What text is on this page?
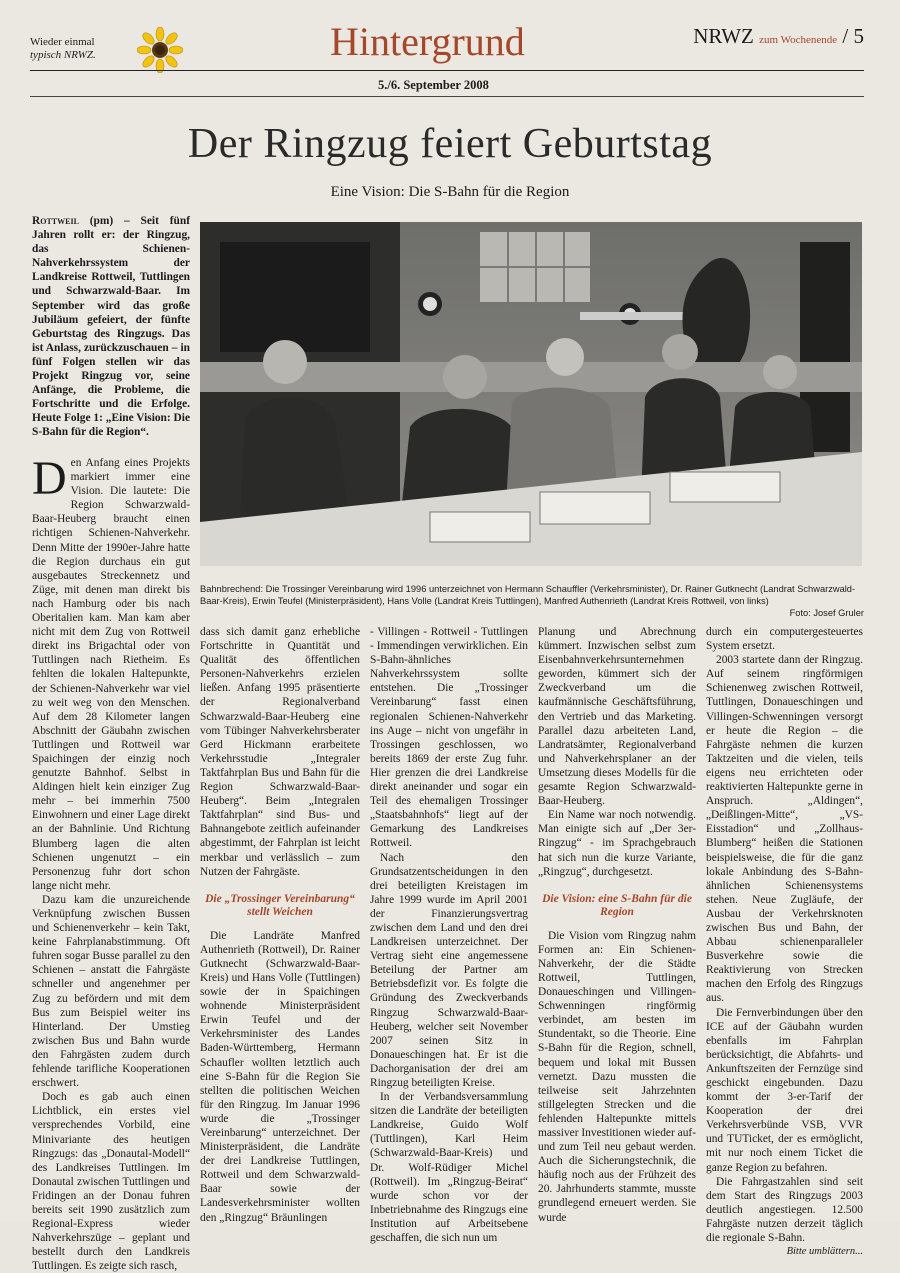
Wieder einmal
typisch NRWZ.	Hintergrund	NRWZ zum Wochenende / 5
5./6. September 2008
Der Ringzug feiert Geburtstag
Eine Vision: Die S-Bahn für die Region
Rottweil (pm) – Seit fünf Jahren rollt er: der Ringzug, das Schienen-Nahverkehrssystem der Landkreise Rottweil, Tuttlingen und Schwarzwald-Baar. Im September wird das große Jubiläum gefeiert, der fünfte Geburtstag des Ringzugs. Das ist Anlass, zurückzuschauen – in fünf Folgen stellen wir das Projekt Ringzug vor, seine Anfänge, die Probleme, die Fortschritte und die Erfolge. Heute Folge 1: „Eine Vision: Die S-Bahn für die Region“.
Bahnbrechend: Die Trossinger Vereinbarung wird 1996 unterzeichnet von Hermann Schauffler (Verkehrsminister), Dr. Rainer Gutknecht (Landrat Schwarzwald-Baar-Kreis), Erwin Teufel (Ministerpräsident), Hans Volle (Landrat Kreis Tuttlingen), Manfred Authenrieth (Landrat Kreis Rottweil, von links)
Foto: Josef Gruler

Den Anfang eines Projekts markiert immer eine Vision. Die lautete: Die Region Schwarzwald-Baar-Heuberg braucht einen richtigen Schienen-Nahverkehr. Denn Mitte der 1990er-Jahre hatte die Region durchaus ein gut ausgebautes Streckennetz und Züge, mit denen man direkt bis nach Hamburg oder bis nach Oberitalien kam. Man kam aber nicht mit dem Zug von Rottweil direkt ins Brigachtal oder von Tuttlingen nach Rietheim. Es fehlten die lokalen Haltepunkte, der Schienen-Nahverkehr war viel zu weit weg von den Menschen. Auf dem 28 Kilometer langen Abschnitt der Gäubahn zwischen Tuttlingen und Rottweil war Spaichingen der einzig noch genutzte Bahnhof. Selbst in Aldingen hielt kein einziger Zug mehr – bei immerhin 7500 Einwohnern und einer Lage direkt an der Bahnlinie. Und Richtung Blumberg lagen die alten Schienen ungenutzt – ein Personenzug fuhr dort schon lange nicht mehr.

Dazu kam die unzureichende Verknüpfung zwischen Bussen und Schienenverkehr – kein Takt, keine Fahrplanabstimmung. Oft fuhren sogar Busse parallel zu den Schienen – anstatt die Fahrgäste schneller und angenehmer per Zug zu befördern und mit dem Bus zum Beispiel weiter ins Hinterland. Der Umstieg zwischen Bus und Bahn wurde den Fahrgästen zudem durch fehlende tarifliche Kooperationen erschwert.

Doch es gab auch einen Lichtblick, ein erstes viel versprechendes Vorbild, eine Minivariante des heutigen Ringzugs: das „Donautal-Modell“ des Landkreises Tuttlingen. Im Donautal zwischen Tuttlingen und Fridingen an der Donau fuhren bereits seit 1990 zusätzlich zum Regional-Express wieder Nahverkehrszüge – geplant und bestellt durch den Landkreis Tuttlingen. Es zeigte sich rasch,

dass sich damit ganz erhebliche Fortschritte in Quantität und Qualität des öffentlichen Personen-Nahverkehrs erzielen ließen. Anfang 1995 präsentierte der Regionalverband Schwarzwald-Baar-Heuberg eine vom Tübinger Nahverkehrsberater Gerd Hickmann erarbeitete Verkehrsstudie „Integraler Taktfahrplan Bus und Bahn für die Region Schwarzwald-Baar-Heuberg“. Beim „Integralen Taktfahrplan“ sind Bus- und Bahnangebote zeitlich aufeinander abgestimmt, der Fahrplan ist leicht merkbar und verlässlich – zum Nutzen der Fahrgäste.

Die „Trossinger Vereinbarung“ stellt Weichen

Die Landräte Manfred Authenrieth (Rottweil), Dr. Rainer Gutknecht (Schwarzwald-Baar-Kreis) und Hans Volle (Tuttlingen) sowie der in Spaichingen wohnende Ministerpräsident Erwin Teufel und der Verkehrsminister des Landes Baden-Württemberg, Hermann Schaufler wollten letztlich auch eine S-Bahn für die Region Sie stellten die politischen Weichen für den Ringzug. Im Januar 1996 wurde die „Trossinger Vereinbarung“ unterzeichnet. Der Ministerpräsident, die Landräte der drei Landkreise Tuttlingen, Rottweil und dem Schwarzwald-Baar sowie der Landesverkehrsminister wollten den „Ringzug“ Bräunlingen

- Villingen - Rottweil - Tuttlingen - Immendingen verwirklichen. Ein S-Bahn-ähnliches Nahverkehrssystem sollte entstehen. Die „Trossinger Vereinbarung“ fasst einen regionalen Schienen-Nahverkehr ins Auge – nicht von ungefähr in Trossingen geschlossen, wo bereits 1869 der erste Zug fuhr. Hier grenzen die drei Landkreise direkt aneinander und sogar ein Teil des ehemaligen Trossinger „Staatsbahnhofs“ liegt auf der Gemarkung des Landkreises Rottweil.

Nach den Grundsatzentscheidungen in den drei beteiligten Kreistagen im Jahre 1999 wurde im April 2001 der Finanzierungsvertrag zwischen dem Land und den drei Landkreisen unterzeichnet. Der Vertrag sieht eine angemessene Beteilung der Partner am Betriebsdefizit vor. Es folgte die Gründung des Zweckverbands Ringzug Schwarzwald-Baar-Heuberg, welcher seit November 2007 seinen Sitz in Donaueschingen hat. Er ist die Dachorganisation der drei am Ringzug beteiligten Kreise.

In der Verbandsversammlung sitzen die Landräte der beteiligten Landkreise, Guido Wolf (Tuttlingen), Karl Heim (Schwarzwald-Baar-Kreis) und Dr. Wolf-Rüdiger Michel (Rottweil). Im „Ringzug-Beirat“ wurde schon vor der Inbetriebnahme des Ringzugs eine Institution auf Arbeitsebene geschaffen, die sich nun um

Planung und Abrechnung kümmert. Inzwischen selbst zum Eisenbahnverkehrsunternehmen geworden, kümmert sich der Zweckverband um die kaufmännische Geschäftsführung, den Vertrieb und das Marketing. Parallel dazu arbeiteten Land, Landratsämter, Regionalverband und Nahverkehrsplaner an der Umsetzung dieses Modells für die gesamte Region Schwarzwald-Baar-Heuberg.

Ein Name war noch notwendig. Man einigte sich auf „Der 3er-Ringzug“ - im Sprachgebrauch hat sich nun die kurze Variante, „Ringzug“, durchgesetzt.

Die Vision: eine S-Bahn für die Region

Die Vision vom Ringzug nahm Formen an: Ein Schienen-Nahverkehr, der die Städte Rottweil, Tuttlingen, Donaueschingen und Villingen-Schwenningen ringförmig verbindet, am besten im Stundentakt, so die Theorie. Eine S-Bahn für die Region, schnell, bequem und lokal mit Bussen vernetzt. Dazu mussten die teilweise seit Jahrzehnten stillgelegten Strecken und die fehlenden Haltepunkte mittels massiver Investitionen wieder auf- und zum Teil neu gebaut werden. Auch die Sicherungstechnik, die häufig noch aus der Frühzeit des 20. Jahrhunderts stammte, musste grundlegend erneuert werden. Sie wurde

durch ein computergesteuertes System ersetzt.

2003 startete dann der Ringzug. Auf seinem ringförmigen Schienenweg zwischen Rottweil, Tuttlingen, Donaueschingen und Villingen-Schwenningen versorgt er heute die Region – die Fahrgäste nehmen die kurzen Taktzeiten und die vielen, teils eigens neu errichteten oder reaktivierten Haltepunkte gerne in Anspruch. „Aldingen“, „Deißlingen-Mitte“, „VS-Eisstadion“ und „Zollhaus-Blumberg“ heißen die Stationen beispielsweise, die für die ganz lokale Anbindung des S-Bahn-ähnlichen Schienensystems stehen. Neue Zugläufe, der Ausbau der Verkehrsknoten zwischen Bus und Bahn, der Abbau schienenparalleler Busverkehre sowie die Reaktivierung von Strecken machen den Erfolg des Ringzugs aus.

Die Fernverbindungen über den ICE auf der Gäubahn wurden ebenfalls im Fahrplan berücksichtigt, die Abfahrts- und Ankunftszeiten der Fernzüge sind geschickt eingebunden. Dazu kommt der 3-er-Tarif der Kooperation der drei Verkehrsverbünde VSB, VVR und TUTicket, der es ermöglicht, mit nur noch einem Ticket die ganze Region zu befahren.

Die Fahrgastzahlen sind seit dem Start des Ringzugs 2003 deutlich angestiegen. 12.500 Fahrgäste nutzen derzeit täglich die regionale S-Bahn.

Bitte umblättern...
